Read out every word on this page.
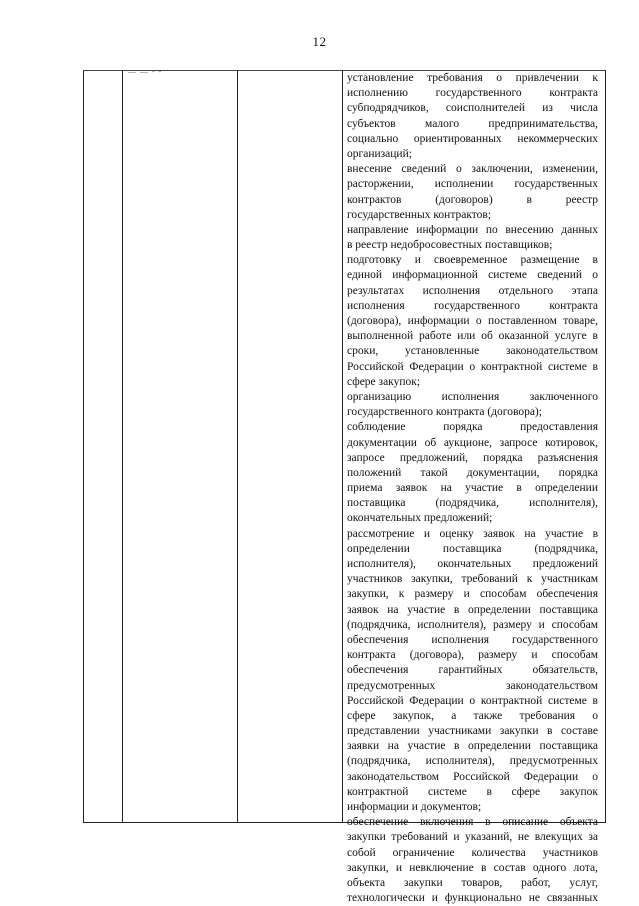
12
— — - -
установление требования о привлечении к
исполнению государственного контракта
субподрядчиков, соисполнителей из числа
субъектов малого предпринимательства,
социально ориентированных некоммерческих
организаций;
внесение сведений о заключении, изменении,
расторжении, исполнении государственных
контрактов (договоров) в реестр
государственных контрактов;
направление информации по внесению данных
в реестр недобросовестных поставщиков;
подготовку и своевременное размещение в
единой информационной системе сведений о
результатах исполнения отдельного этапа
исполнения государственного контракта
(договора), информации о поставленном товаре,
выполненной работе или об оказанной услуге в
сроки, установленные законодательством
Российской Федерации о контрактной системе в
сфере закупок;
организацию исполнения заключенного
государственного контракта (договора);
соблюдение порядка предоставления
документации об аукционе, запросе котировок,
запросе предложений, порядка разъяснения
положений такой документации, порядка
приема заявок на участие в определении
поставщика (подрядчика, исполнителя),
окончательных предложений;
рассмотрение и оценку заявок на участие в
определении поставщика (подрядчика,
исполнителя), окончательных предложений
участников закупки, требований к участникам
закупки, к размеру и способам обеспечения
заявок на участие в определении поставщика
(подрядчика, исполнителя), размеру и способам
обеспечения исполнения государственного
контракта (договора), размеру и способам
обеспечения гарантийных обязательств,
предусмотренных законодательством
Российской Федерации о контрактной системе в
сфере закупок, а также требования о
представлении участниками закупки в составе
заявки на участие в определении поставщика
(подрядчика, исполнителя), предусмотренных
законодательством Российской Федерации о
контрактной системе в сфере закупок
информации и документов;
обеспечение включения в описание объекта
закупки требований и указаний, не влекущих за
собой ограничение количества участников
закупки, и невключение в состав одного лота,
объекта закупки товаров, работ, услуг,
технологически и функционально не связанных
